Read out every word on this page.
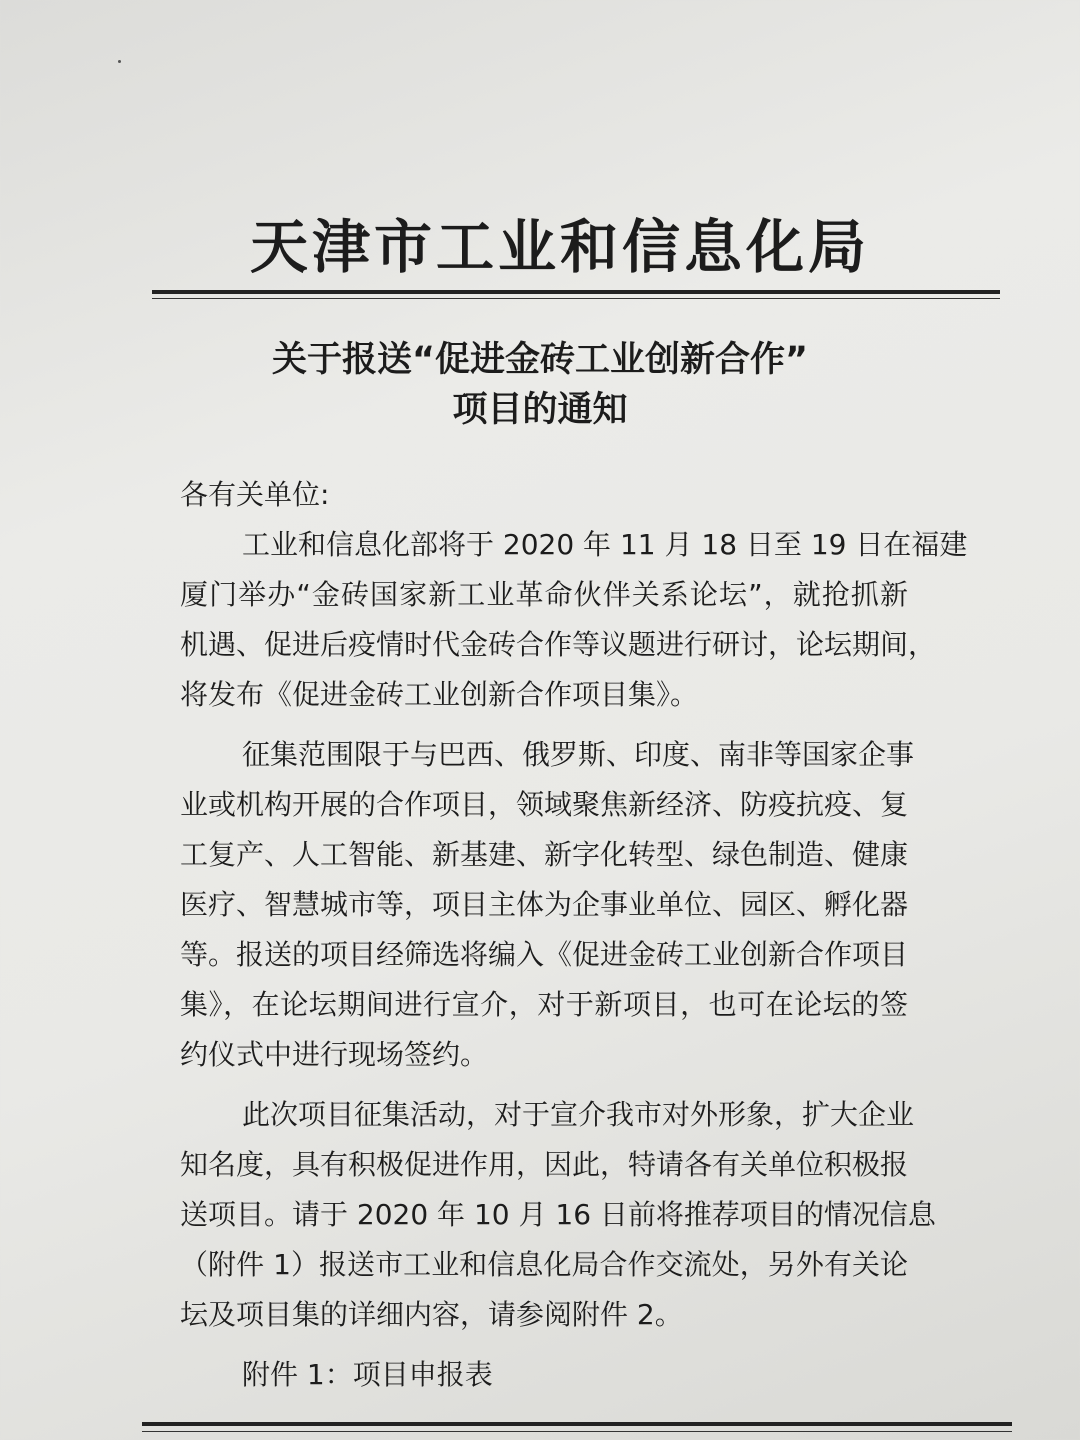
天津市工业和信息化局
关于报送“促进金砖工业创新合作”
项目的通知
各有关单位:
工业和信息化部将于 2020 年 11 月 18 日至 19 日在福建
厦门举办“金砖国家新工业革命伙伴关系论坛”，就抢抓新
机遇、促进后疫情时代金砖合作等议题进行研讨，论坛期间，
将发布《促进金砖工业创新合作项目集》。
征集范围限于与巴西、俄罗斯、印度、南非等国家企事
业或机构开展的合作项目，领域聚焦新经济、防疫抗疫、复
工复产、人工智能、新基建、新字化转型、绿色制造、健康
医疗、智慧城市等，项目主体为企事业单位、园区、孵化器
等。报送的项目经筛选将编入《促进金砖工业创新合作项目
集》，在论坛期间进行宣介，对于新项目，也可在论坛的签
约仪式中进行现场签约。
此次项目征集活动，对于宣介我市对外形象，扩大企业
知名度，具有积极促进作用，因此，特请各有关单位积极报
送项目。请于 2020 年 10 月 16 日前将推荐项目的情况信息
（附件 1）报送市工业和信息化局合作交流处，另外有关论
坛及项目集的详细内容，请参阅附件 2。
附件 1：项目申报表
